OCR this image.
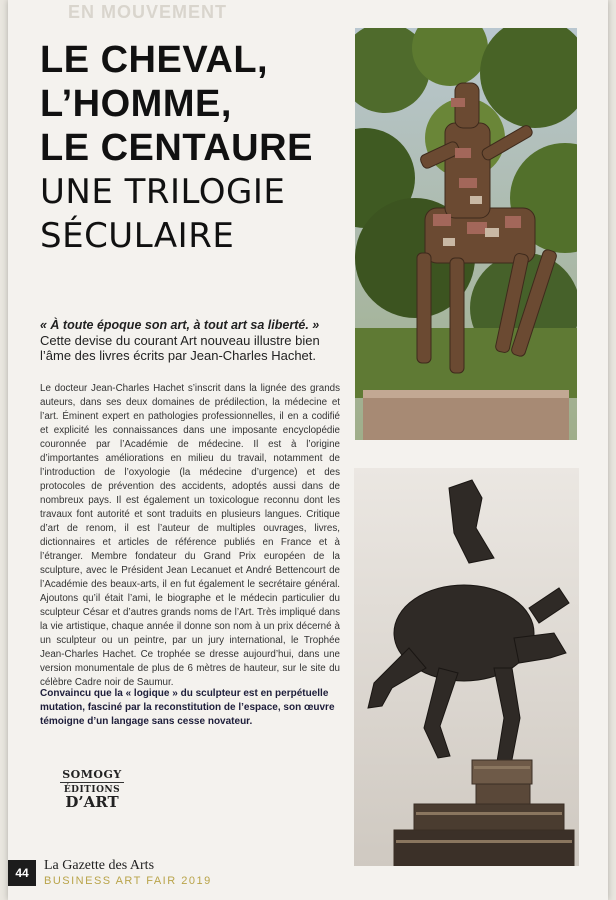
EN MOUVEMENT
LE CHEVAL,
L’HOMME,
LE CENTAURE
UNE TRILOGIE
SÉCULAIRE
« À toute époque son art, à tout art sa liberté. »
Cette devise du courant Art nouveau illustre bien l’âme des livres écrits par Jean-Charles Hachet.
Le docteur Jean-Charles Hachet s’inscrit dans la lignée des grands auteurs, dans ses deux domaines de prédilection, la médecine et l’art. Éminent expert en pathologies professionnelles, il en a codifié et explicité les connaissances dans une imposante encyclopédie couronnée par l’Académie de médecine. Il est à l’origine d’importantes améliorations en milieu du travail, notamment de l’introduction de l’oxyologie (la médecine d’urgence) et des protocoles de prévention des accidents, adoptés aussi dans de nombreux pays. Il est également un toxicologue reconnu dont les travaux font autorité et sont traduits en plusieurs langues. Critique d’art de renom, il est l’auteur de multiples ouvrages, livres, dictionnaires et articles de référence publiés en France et à l’étranger. Membre fondateur du Grand Prix européen de la sculpture, avec le Président Jean Lecanuet et André Bettencourt de l’Académie des beaux-arts, il en fut également le secrétaire général. Ajoutons qu’il était l’ami, le biographe et le médecin particulier du sculpteur César et d’autres grands noms de l’Art. Très impliqué dans la vie artistique, chaque année il donne son nom à un prix décerné à un sculpteur ou un peintre, par un jury international, le Trophée Jean-Charles Hachet. Ce trophée se dresse aujourd’hui, dans une version monumentale de plus de 6 mètres de hauteur, sur le site du célèbre Cadre noir de Saumur.
Convaincu que la « logique » du sculpteur est en perpétuelle mutation, fasciné par la reconstitution de l’espace, son œuvre témoigne d’un langage sans cesse novateur.
SOMOGY
ÉDITIONS
D’ART
44	La Gazette des Arts
BUSINESS ART FAIR 2019
